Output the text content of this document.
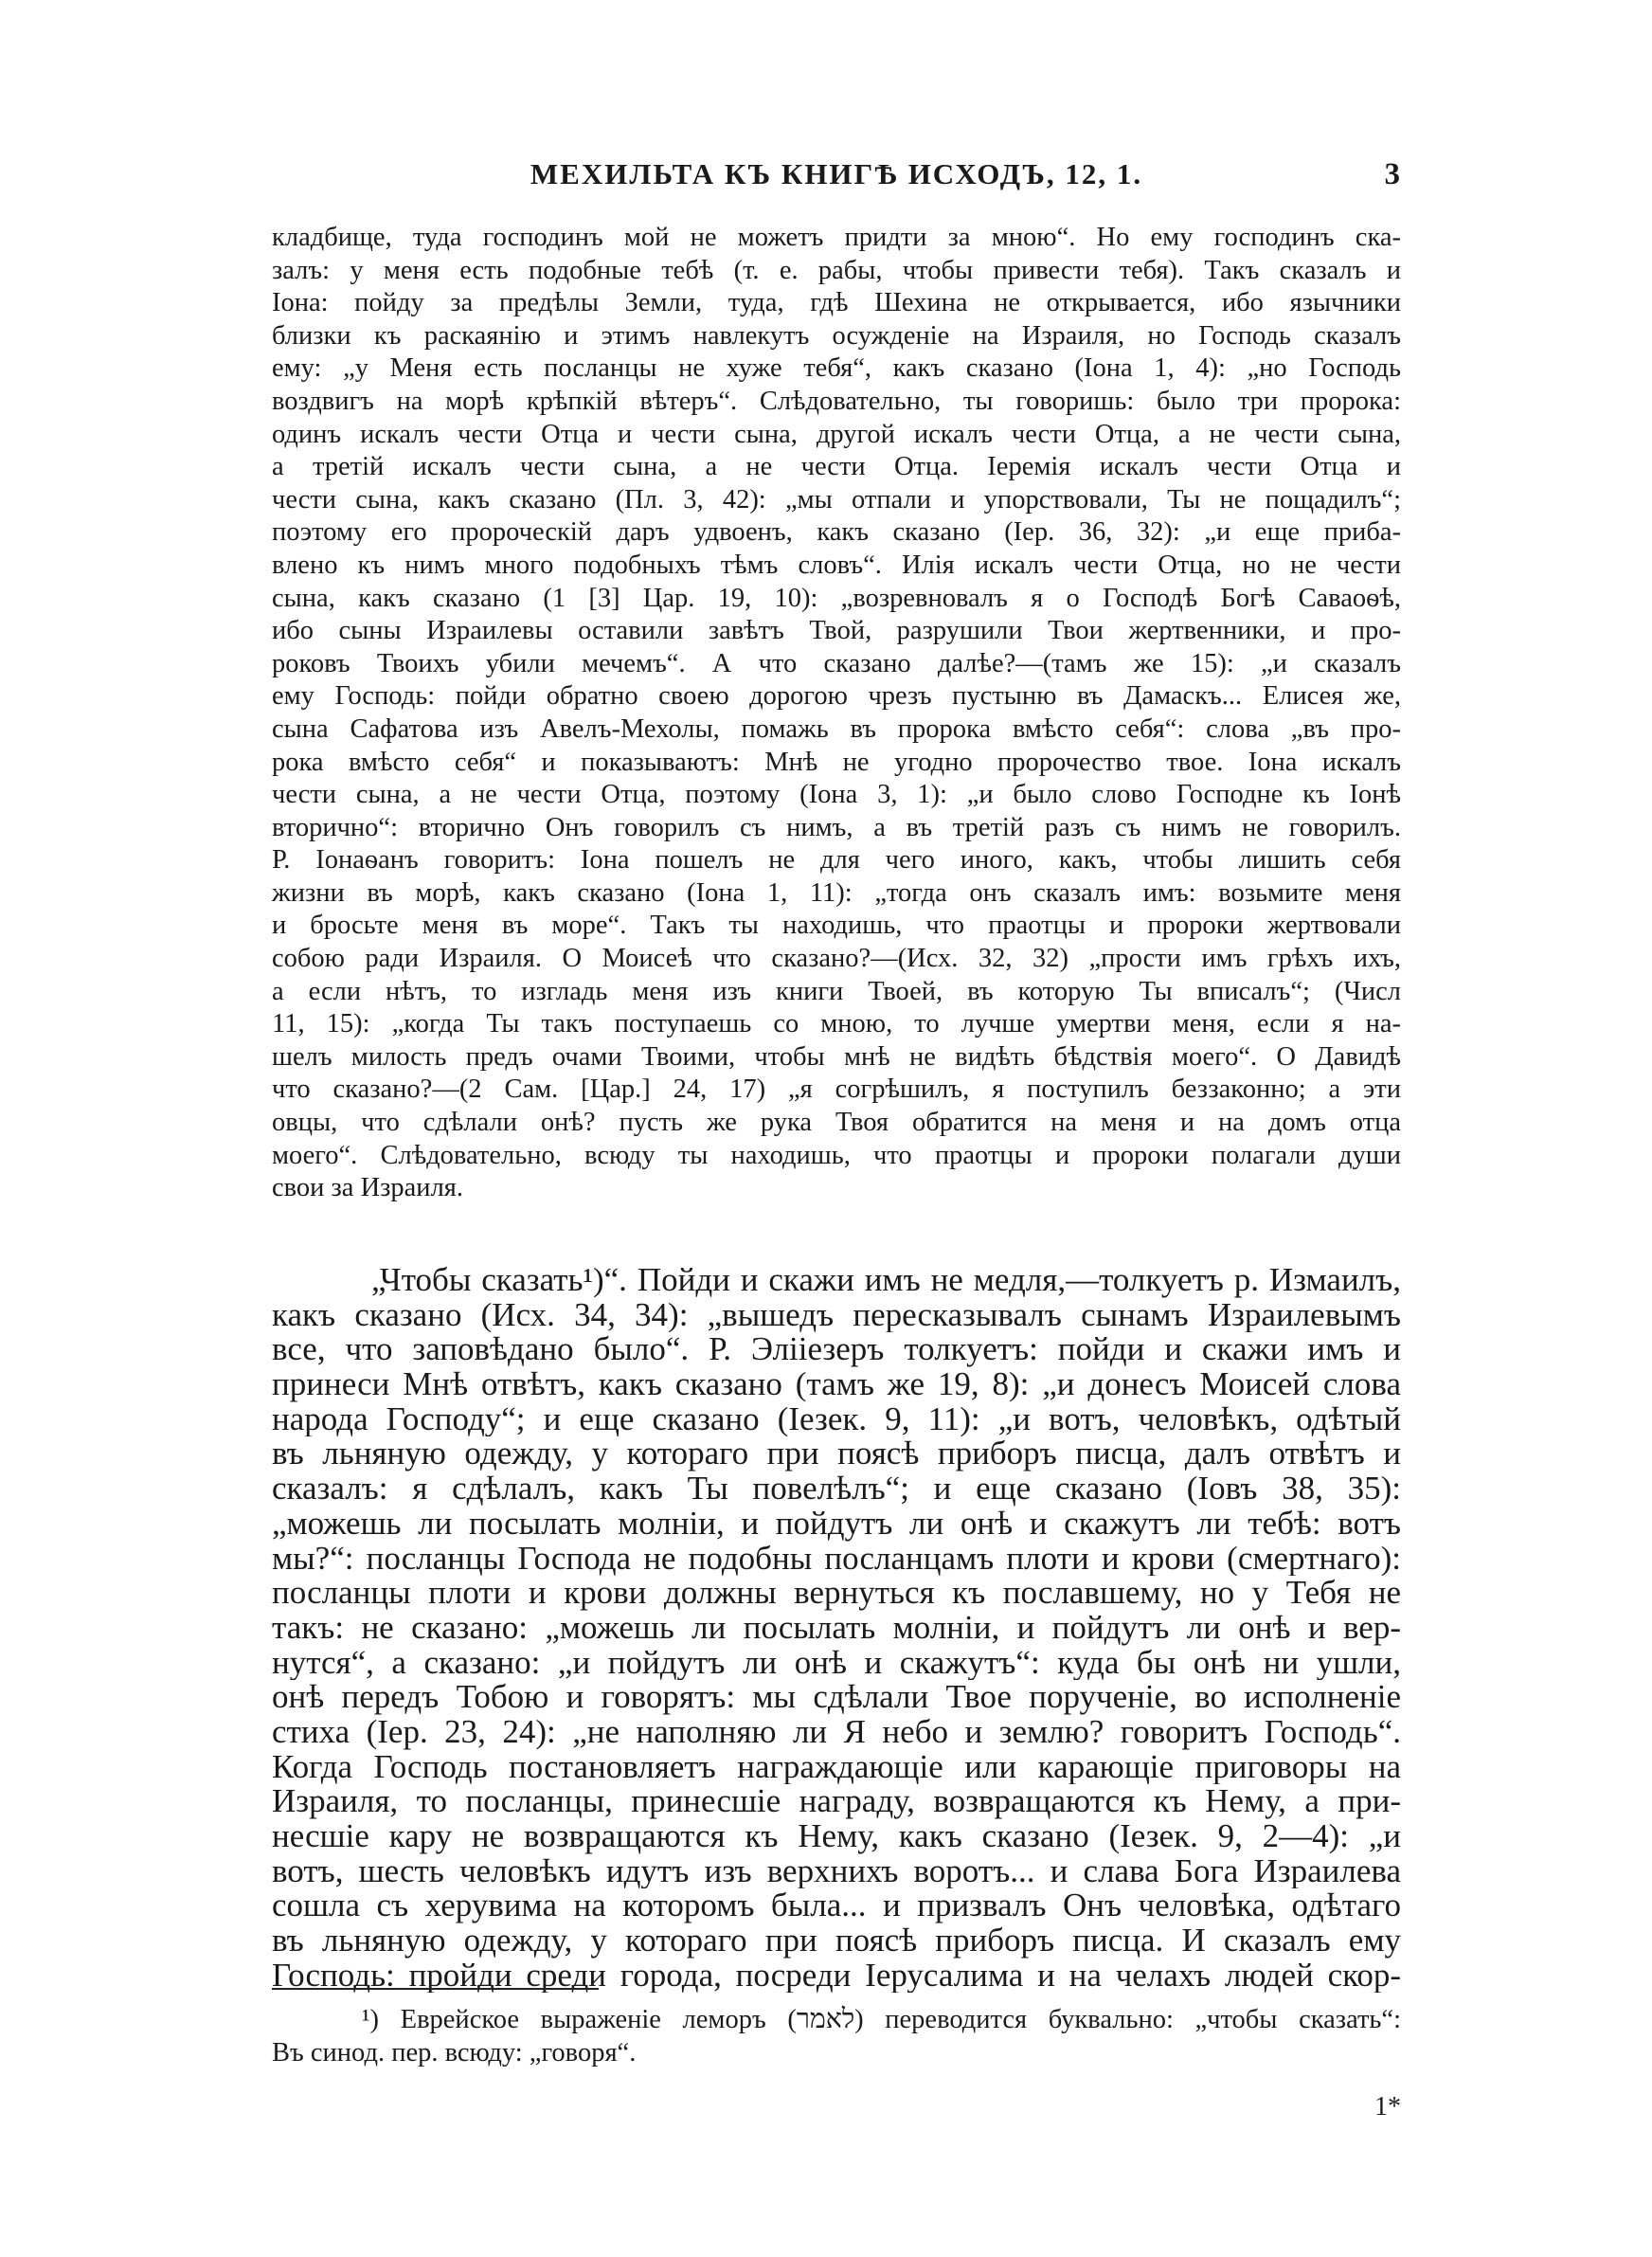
МЕХИЛЬТА КЪ КНИГѢ ИСХОДЪ, 12, 1.	3
кладбище, туда господинъ мой не можетъ придти за мною“. Но ему господинъ ска-
залъ: у меня есть подобные тебѣ (т. е. рабы, чтобы привести тебя). Такъ сказалъ и
Іона: пойду за предѣлы Земли, туда, гдѣ Шехина не открывается, ибо язычники
близки къ раскаянію и этимъ навлекутъ осужденіе на Израиля, но Господь сказалъ
ему: „у Меня есть посланцы не хуже тебя“, какъ сказано (Іона 1, 4): „но Господь
воздвигъ на морѣ крѣпкій вѣтеръ“. Слѣдовательно, ты говоришь: было три пророка:
одинъ искалъ чести Отца и чести сына, другой искалъ чести Отца, а не чести сына,
а третій искалъ чести сына, а не чести Отца. Іеремія искалъ чести Отца и
чести сына, какъ сказано (Пл. 3, 42): „мы отпали и упорствовали, Ты не пощадилъ“;
поэтому его пророческій даръ удвоенъ, какъ сказано (Іер. 36, 32): „и еще приба-
влено къ нимъ много подобныхъ тѣмъ словъ“. Илія искалъ чести Отца, но не чести
сына, какъ сказано (1 [3] Цар. 19, 10): „возревновалъ я о Господѣ Богѣ Саваоѳѣ,
ибо сыны Израилевы оставили завѣтъ Твой, разрушили Твои жертвенники, и про-
роковъ Твоихъ убили мечемъ“. А что сказано далѣе?—(тамъ же 15): „и сказалъ
ему Господь: пойди обратно своею дорогою чрезъ пустыню въ Дамаскъ... Елисея же,
сына Сафатова изъ Авелъ-Мехолы, помажь въ пророка вмѣсто себя“: слова „въ про-
рока вмѣсто себя“ и показываютъ: Мнѣ не угодно пророчество твое. Іона искалъ
чести сына, а не чести Отца, поэтому (Іона 3, 1): „и было слово Господне къ Іонѣ
вторично“: вторично Онъ говорилъ съ нимъ, а въ третій разъ съ нимъ не говорилъ.
Р. Іонаѳанъ говоритъ: Іона пошелъ не для чего иного, какъ, чтобы лишить себя
жизни въ морѣ, какъ сказано (Іона 1, 11): „тогда онъ сказалъ имъ: возьмите меня
и бросьте меня въ море“. Такъ ты находишь, что праотцы и пророки жертвовали
собою ради Израиля. О Моисеѣ что сказано?—(Исх. 32, 32) „прости имъ грѣхъ ихъ,
а если нѣтъ, то изгладь меня изъ книги Твоей, въ которую Ты вписалъ“; (Числ
11, 15): „когда Ты такъ поступаешь со мною, то лучше умертви меня, если я на-
шелъ милость предъ очами Твоими, чтобы мнѣ не видѣть бѣдствія моего“. О Давидѣ
что сказано?—(2 Сам. [Цар.] 24, 17) „я согрѣшилъ, я поступилъ беззаконно; а эти
овцы, что сдѣлали онѣ? пусть же рука Твоя обратится на меня и на домъ отца
моего“. Слѣдовательно, всюду ты находишь, что праотцы и пророки полагали души
свои за Израиля.
„Чтобы сказать¹)“. Пойди и скажи имъ не медля,—толкуетъ р. Измаилъ,
какъ сказано (Исх. 34, 34): „вышедъ пересказывалъ сынамъ Израилевымъ
все, что заповѣдано было“. Р. Элііезеръ толкуетъ: пойди и скажи имъ и
принеси Мнѣ отвѣтъ, какъ сказано (тамъ же 19, 8): „и донесъ Моисей слова
народа Господу“; и еще сказано (Іезек. 9, 11): „и вотъ, человѣкъ, одѣтый
въ льняную одежду, у котораго при поясѣ приборъ писца, далъ отвѣтъ и
сказалъ: я сдѣлалъ, какъ Ты повелѣлъ“; и еще сказано (Іовъ 38, 35):
„можешь ли посылать молніи, и пойдутъ ли онѣ и скажутъ ли тебѣ: вотъ
мы?“: посланцы Господа не подобны посланцамъ плоти и крови (смертнаго):
посланцы плоти и крови должны вернуться къ пославшему, но у Тебя не
такъ: не сказано: „можешь ли посылать молніи, и пойдутъ ли онѣ и вер-
нутся“, а сказано: „и пойдутъ ли онѣ и скажутъ“: куда бы онѣ ни ушли,
онѣ передъ Тобою и говорятъ: мы сдѣлали Твое порученіе, во исполненіе
стиха (Іер. 23, 24): „не наполняю ли Я небо и землю? говоритъ Господь“.
Когда Господь постановляетъ награждающіе или карающіе приговоры на
Израиля, то посланцы, принесшіе награду, возвращаются къ Нему, а при-
несшіе кару не возвращаются къ Нему, какъ сказано (Іезек. 9, 2—4): „и
вотъ, шесть человѣкъ идутъ изъ верхнихъ воротъ... и слава Бога Израилева
сошла съ херувима на которомъ была... и призвалъ Онъ человѣка, одѣтаго
въ льняную одежду, у котораго при поясѣ приборъ писца. И сказалъ ему
Господь: пройди среди города, посреди Іерусалима и на челахъ людей скор-
¹) Еврейское выраженіе леморъ (לאמר) переводится буквально: „чтобы сказать“:
Въ синод. пер. всюду: „говоря“.
1*
